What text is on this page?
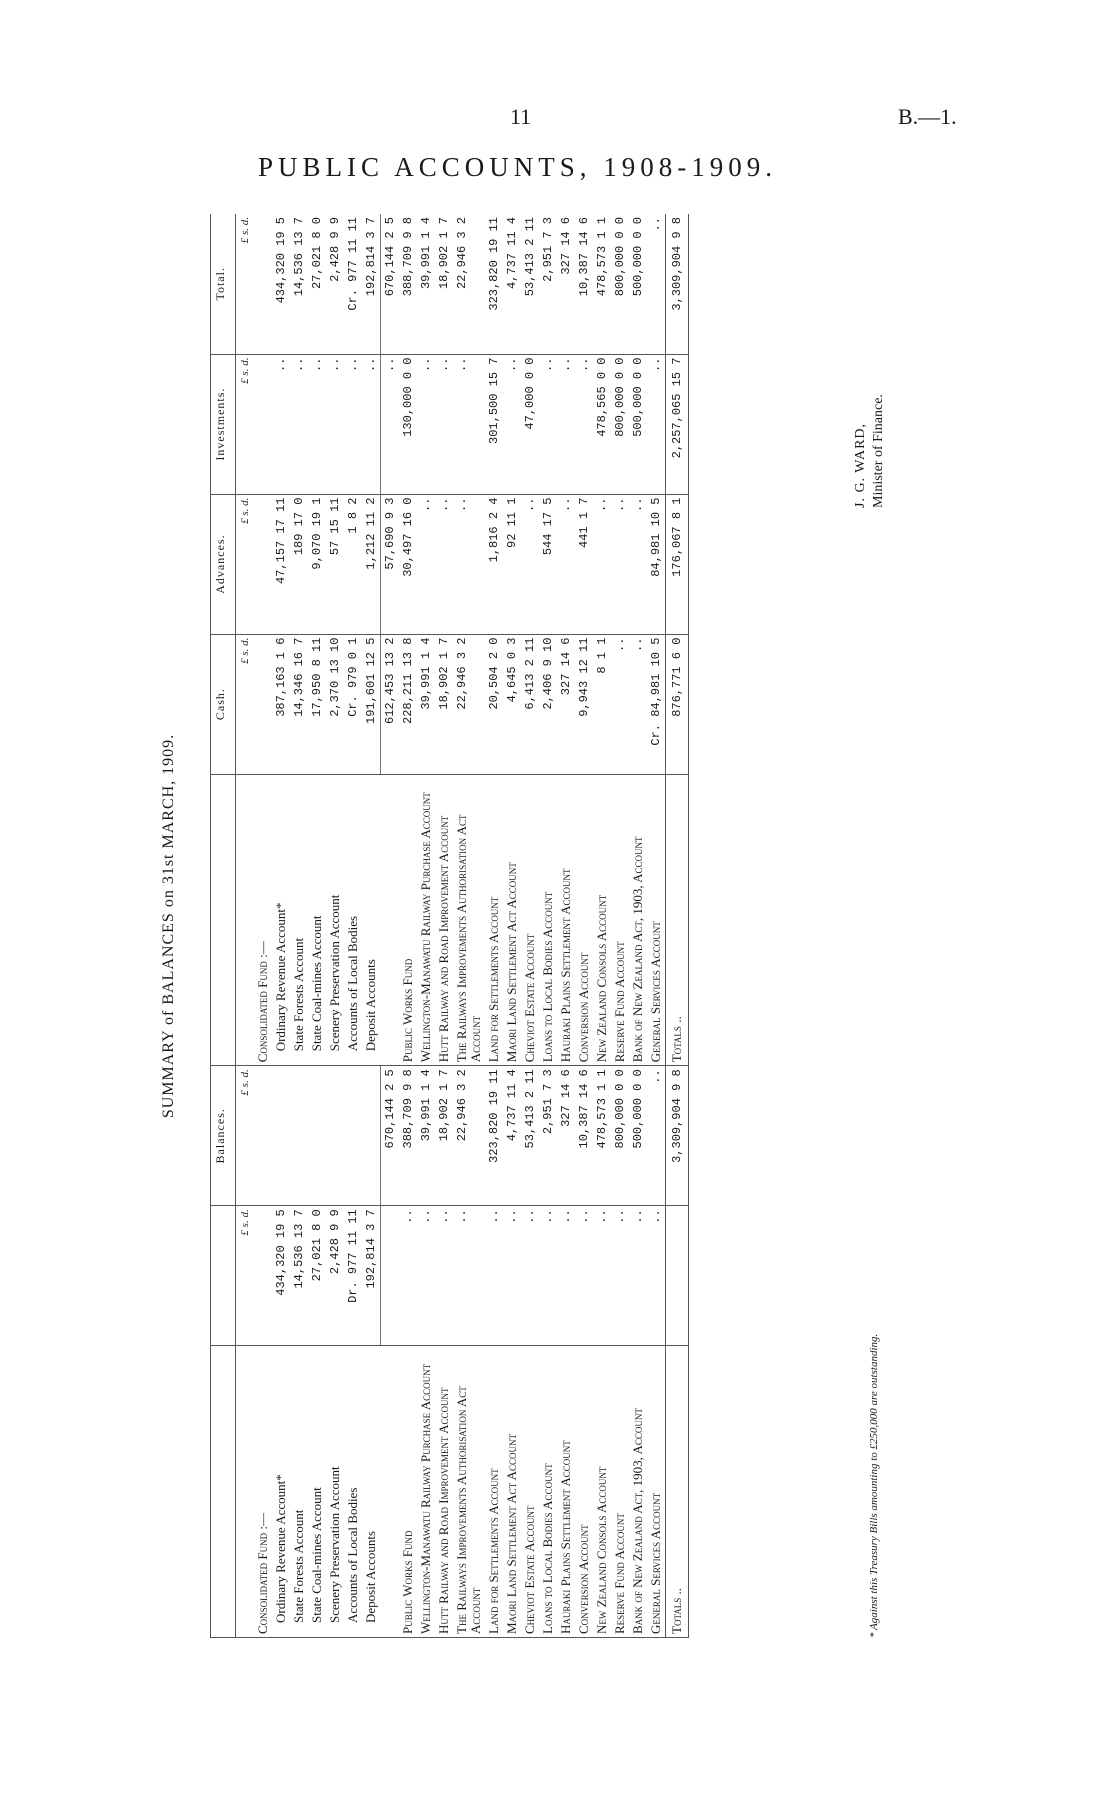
11	B.—1.
PUBLIC ACCOUNTS, 1908-1909.
SUMMARY of BALANCES on 31st MARCH, 1909.
		Balances.		Cash.	Advances.	Investments.	Total.
	£ s. d.	£ s. d.		£ s. d.	£ s. d.	£ s. d.	£ s. d.
Consolidated Fund :—			Consolidated Fund :—				
Ordinary Revenue Account*	434,320 19 5		Ordinary Revenue Account*	387,163 1 6	47,157 17 11	..	434,320 19 5
State Forests Account	14,536 13 7		State Forests Account	14,346 16 7	189 17 0	..	14,536 13 7
State Coal-mines Account	27,021 8 0		State Coal-mines Account	17,950 8 11	9,070 19 1	..	27,021 8 0
Scenery Preservation Account	2,428 9 9		Scenery Preservation Account	2,370 13 10	57 15 11	..	2,428 9 9
Accounts of Local Bodies	Dr. 977 11 11		Accounts of Local Bodies	Cr. 979 0 1	1 8 2	..	Cr. 977 11 11
Deposit Accounts	192,814 3 7		Deposit Accounts	191,601 12 5	1,212 11 2	..	192,814 3 7
		670,144 2 5		612,453 13 2	57,690 9 3	..	670,144 2 5
Public Works Fund	..	388,709 9 8	Public Works Fund	228,211 13 8	30,497 16 0	130,000 0 0	388,709 9 8
Wellington-Manawatu Railway Purchase Account	..	39,991 1 4	Wellington-Manawatu Railway Purchase Account	39,991 1 4	..	..	39,991 1 4
Hutt Railway and Road Improvement Account	..	18,902 1 7	Hutt Railway and Road Improvement Account	18,902 1 7	..	..	18,902 1 7
The Railways Improvements Authorisation Act Account	..	22,946 3 2	The Railways Improvements Authorisation Act Account	22,946 3 2	..	..	22,946 3 2
Land for Settlements Account	..	323,820 19 11	Land for Settlements Account	20,504 2 0	1,816 2 4	301,500 15 7	323,820 19 11
Maori Land Settlement Act Account	..	4,737 11 4	Maori Land Settlement Act Account	4,645 0 3	92 11 1	..	4,737 11 4
Cheviot Estate Account	..	53,413 2 11	Cheviot Estate Account	6,413 2 11	..	47,000 0 0	53,413 2 11
Loans to Local Bodies Account	..	2,951 7 3	Loans to Local Bodies Account	2,406 9 10	544 17 5	..	2,951 7 3
Hauraki Plains Settlement Account	..	327 14 6	Hauraki Plains Settlement Account	327 14 6	..	..	327 14 6
Conversion Account	..	10,387 14 6	Conversion Account	9,943 12 11	441 1 7	..	10,387 14 6
New Zealand Consols Account	..	478,573 1 1	New Zealand Consols Account	8 1 1	..	478,565 0 0	478,573 1 1
Reserve Fund Account	..	800,000 0 0	Reserve Fund Account	..	..	800,000 0 0	800,000 0 0
Bank of New Zealand Act, 1903, Account	..	500,000 0 0	Bank of New Zealand Act, 1903, Account	..	..	500,000 0 0	500,000 0 0
General Services Account	..	..	General Services Account	Cr. 84,981 10 5	84,981 10 5	..	..
Totals ..		3,309,904 9 8	Totals ..	876,771 6 0	176,067 8 1	2,257,065 15 7	3,309,904 9 8
* Against this Treasury Bills amounting to £250,000 are outstanding.
J. G. WARD, Minister of Finance.
